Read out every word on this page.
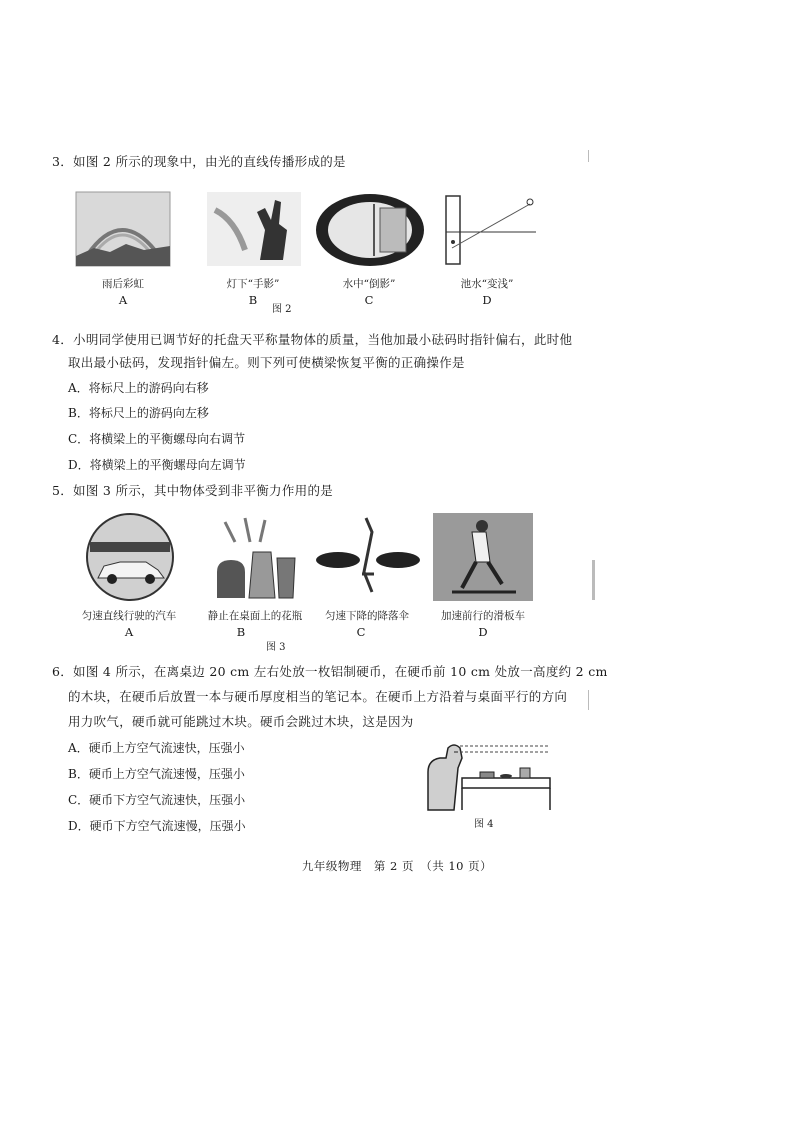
3．如图 2 所示的现象中，由光的直线传播形成的是
雨后彩虹	灯下“手影”	水中“倒影”	池水“变浅”
A	B	C	D
图 2
4．小明同学使用已调节好的托盘天平称量物体的质量，当他加最小砝码时指针偏右，此时他
取出最小砝码，发现指针偏左。则下列可使横梁恢复平衡的正确操作是
A．将标尺上的游码向右移
B．将标尺上的游码向左移
C．将横梁上的平衡螺母向右调节
D．将横梁上的平衡螺母向左调节
5．如图 3 所示，其中物体受到非平衡力作用的是
匀速直线行驶的汽车	静止在桌面上的花瓶	匀速下降的降落伞	加速前行的滑板车
A	B	C	D
图 3
6．如图 4 所示，在离桌边 20 cm 左右处放一枚铝制硬币，在硬币前 10 cm 处放一高度约 2 cm
的木块，在硬币后放置一本与硬币厚度相当的笔记本。在硬币上方沿着与桌面平行的方向
用力吹气，硬币就可能跳过木块。硬币会跳过木块，这是因为
A．硬币上方空气流速快，压强小
B．硬币上方空气流速慢，压强小
C．硬币下方空气流速快，压强小
D．硬币下方空气流速慢，压强小	图 4
九年级物理　第 2 页　（共 10 页）
